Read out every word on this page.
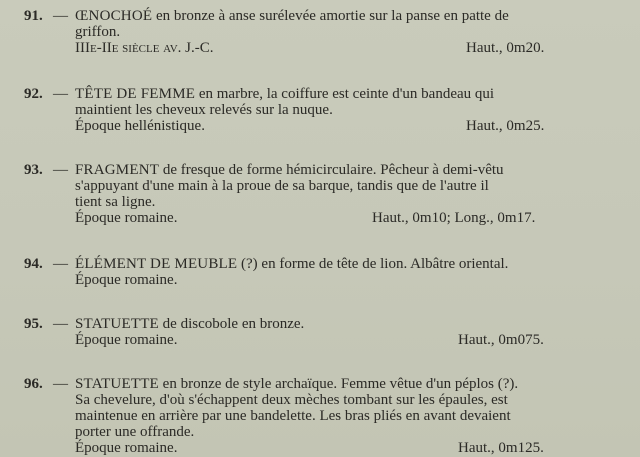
91. — ŒNOCHOÉ en bronze à anse surélevée amortie sur la panse en patte de
griffon.
IIIe-IIe siècle av. J.-C.	Haut., 0m20.
92. — TÊTE DE FEMME en marbre, la coiffure est ceinte d'un bandeau qui
maintient les cheveux relevés sur la nuque.
Époque hellénistique.	Haut., 0m25.
93. — FRAGMENT de fresque de forme hémicirculaire. Pêcheur à demi-vêtu
s'appuyant d'une main à la proue de sa barque, tandis que de l'autre il
tient sa ligne.
Époque romaine.	Haut., 0m10; Long., 0m17.
94. — ÉLÉMENT DE MEUBLE (?) en forme de tête de lion. Albâtre oriental.
Époque romaine.
95. — STATUETTE de discobole en bronze.
Époque romaine.	Haut., 0m075.
96. — STATUETTE en bronze de style archaïque. Femme vêtue d'un péplos (?).
Sa chevelure, d'où s'échappent deux mèches tombant sur les épaules, est
maintenue en arrière par une bandelette. Les bras pliés en avant devaient
porter une offrande.
Époque romaine.	Haut., 0m125.
